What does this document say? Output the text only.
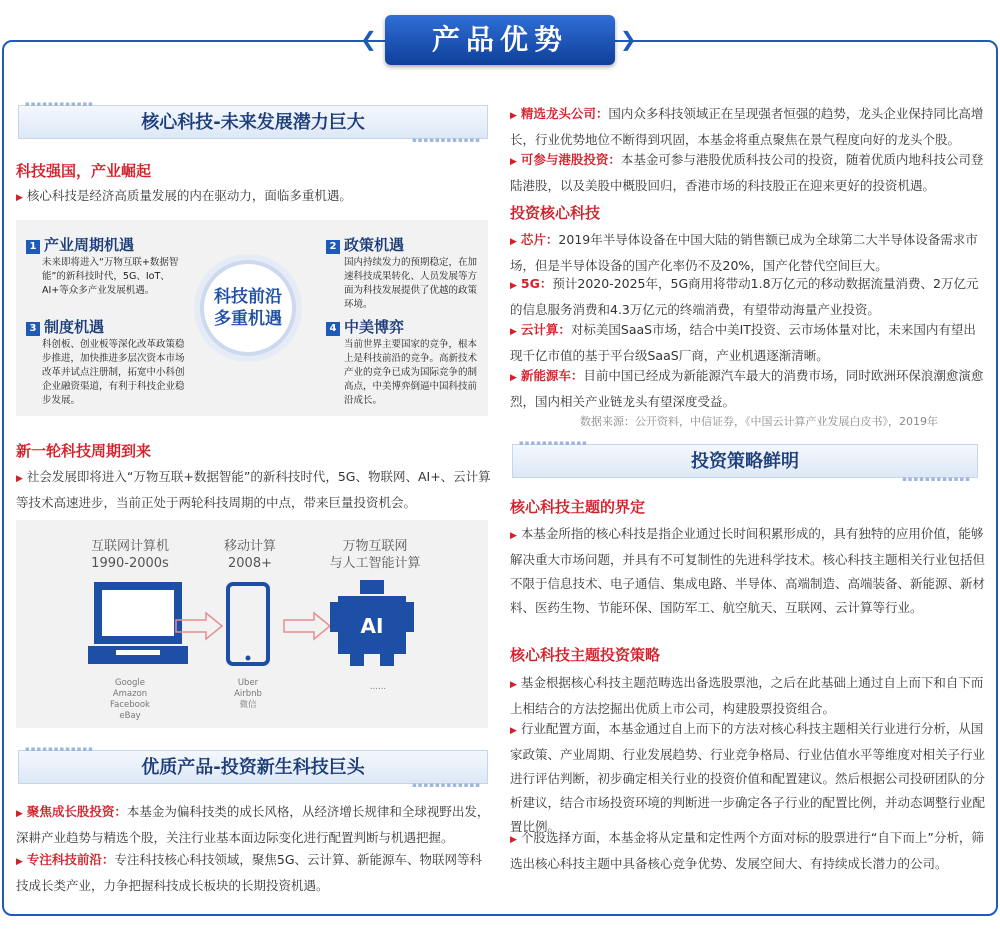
❮	❯
产品优势
▪▪▪▪▪▪▪▪▪▪▪▪
核心科技-未来发展潜力巨大
▪▪▪▪▪▪▪▪▪▪▪▪
科技强国，产业崛起
▶ 核心科技是经济高质量发展的内在驱动力，面临多重机遇。
1 产业周期机遇
未来即将进入“万物互联+数据智能”的新科技时代，5G、IoT、AI+等众多产业发展机遇。
2 政策机遇
国内持续发力的预期稳定，在加速科技成果转化、人员发展等方面为科技发展提供了优越的政策环境。
3 制度机遇
科创板、创业板等深化改革政策稳步推进，加快推进多层次资本市场改革并试点注册制，拓宽中小科创企业融资渠道，有利于科技企业稳步发展。
4 中美博弈
当前世界主要国家的竞争，根本上是科技前沿的竞争。高新技术产业的竞争已成为国际竞争的制高点，中美博弈倒逼中国科技前沿成长。
科技前沿
多重机遇
新一轮科技周期到来
▶ 社会发展即将进入“万物互联+数据智能”的新科技时代，5G、物联网、AI+、云计算等技术高速进步，当前正处于两轮科技周期的中点，带来巨量投资机会。
互联网计算机
1990-2000s
移动计算
2008+
万物互联网
与人工智能计算
AI
Google
Amazon
Facebook
eBay
Uber
Airbnb
微信
......
▪▪▪▪▪▪▪▪▪▪▪▪
优质产品-投资新生科技巨头
▪▪▪▪▪▪▪▪▪▪▪▪
▶ 聚焦成长股投资：本基金为偏科技类的成长风格，从经济增长规律和全球视野出发，深耕产业趋势与精选个股，关注行业基本面边际变化进行配置判断与机遇把握。
▶ 专注科技前沿：专注科技核心科技领域，聚焦5G、云计算、新能源车、物联网等科技成长类产业，力争把握科技成长板块的长期投资机遇。
▶ 精选龙头公司：国内众多科技领域正在呈现强者恒强的趋势，龙头企业保持同比高增长，行业优势地位不断得到巩固，本基金将重点聚焦在景气程度向好的龙头个股。
▶ 可参与港股投资：本基金可参与港股优质科技公司的投资，随着优质内地科技公司登陆港股，以及美股中概股回归，香港市场的科技股正在迎来更好的投资机遇。
投资核心科技
▶ 芯片：2019年半导体设备在中国大陆的销售额已成为全球第二大半导体设备需求市场，但是半导体设备的国产化率仍不及20%，国产化替代空间巨大。
▶ 5G：预计2020-2025年，5G商用将带动1.8万亿元的移动数据流量消费、2万亿元的信息服务消费和4.3万亿元的终端消费，有望带动海量产业投资。
▶ 云计算：对标美国SaaS市场，结合中美IT投资、云市场体量对比，未来国内有望出现千亿市值的基于平台级SaaS厂商，产业机遇逐渐清晰。
▶ 新能源车：目前中国已经成为新能源汽车最大的消费市场，同时欧洲环保浪潮愈演愈烈，国内相关产业链龙头有望深度受益。
数据来源：公开资料，中信证券，《中国云计算产业发展白皮书》，2019年
▪▪▪▪▪▪▪▪▪▪▪▪
投资策略鲜明
▪▪▪▪▪▪▪▪▪▪▪▪
核心科技主题的界定
▶ 本基金所指的核心科技是指企业通过长时间积累形成的，具有独特的应用价值，能够解决重大市场问题，并具有不可复制性的先进科学技术。核心科技主题相关行业包括但不限于信息技术、电子通信、集成电路、半导体、高端制造、高端装备、新能源、新材料、医药生物、节能环保、国防军工、航空航天、互联网、云计算等行业。
核心科技主题投资策略
▶ 基金根据核心科技主题范畴选出备选股票池，之后在此基础上通过自上而下和自下而上相结合的方法挖掘出优质上市公司，构建股票投资组合。
▶ 行业配置方面，本基金通过自上而下的方法对核心科技主题相关行业进行分析，从国家政策、产业周期、行业发展趋势、行业竞争格局、行业估值水平等维度对相关子行业进行评估判断，初步确定相关行业的投资价值和配置建议。然后根据公司投研团队的分析建议，结合市场投资环境的判断进一步确定各子行业的配置比例，并动态调整行业配置比例。
▶ 个股选择方面，本基金将从定量和定性两个方面对标的股票进行“自下而上”分析，筛选出核心科技主题中具备核心竞争优势、发展空间大、有持续成长潜力的公司。
